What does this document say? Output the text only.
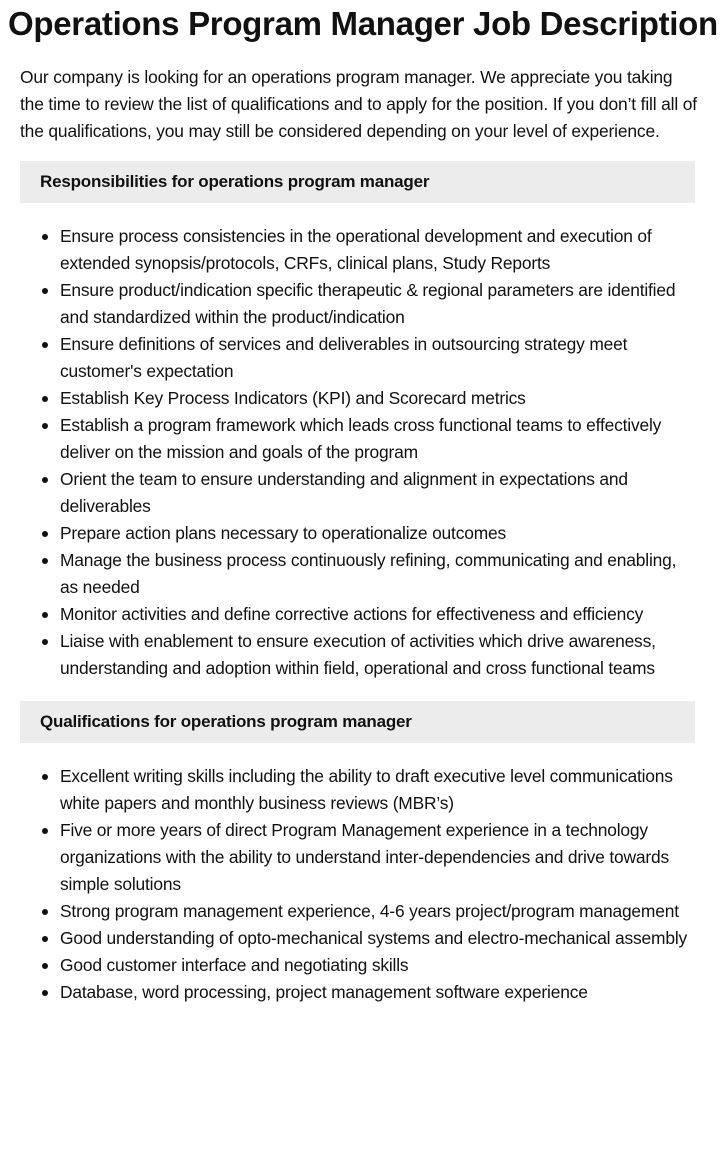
Operations Program Manager Job Description

Our company is looking for an operations program manager. We appreciate you taking the time to review the list of qualifications and to apply for the position. If you don’t fill all of the qualifications, you may still be considered depending on your level of experience.

Responsibilities for operations program manager
Ensure process consistencies in the operational development and execution of extended synopsis/protocols, CRFs, clinical plans, Study Reports
Ensure product/indication specific therapeutic & regional parameters are identified and standardized within the product/indication
Ensure definitions of services and deliverables in outsourcing strategy meet customer's expectation
Establish Key Process Indicators (KPI) and Scorecard metrics
Establish a program framework which leads cross functional teams to effectively deliver on the mission and goals of the program
Orient the team to ensure understanding and alignment in expectations and deliverables
Prepare action plans necessary to operationalize outcomes
Manage the business process continuously refining, communicating and enabling, as needed
Monitor activities and define corrective actions for effectiveness and efficiency
Liaise with enablement to ensure execution of activities which drive awareness, understanding and adoption within field, operational and cross functional teams
Qualifications for operations program manager
Excellent writing skills including the ability to draft executive level communications white papers and monthly business reviews (MBR’s)
Five or more years of direct Program Management experience in a technology organizations with the ability to understand inter-dependencies and drive towards simple solutions
Strong program management experience, 4-6 years project/program management
Good understanding of opto-mechanical systems and electro-mechanical assembly
Good customer interface and negotiating skills
Database, word processing, project management software experience
